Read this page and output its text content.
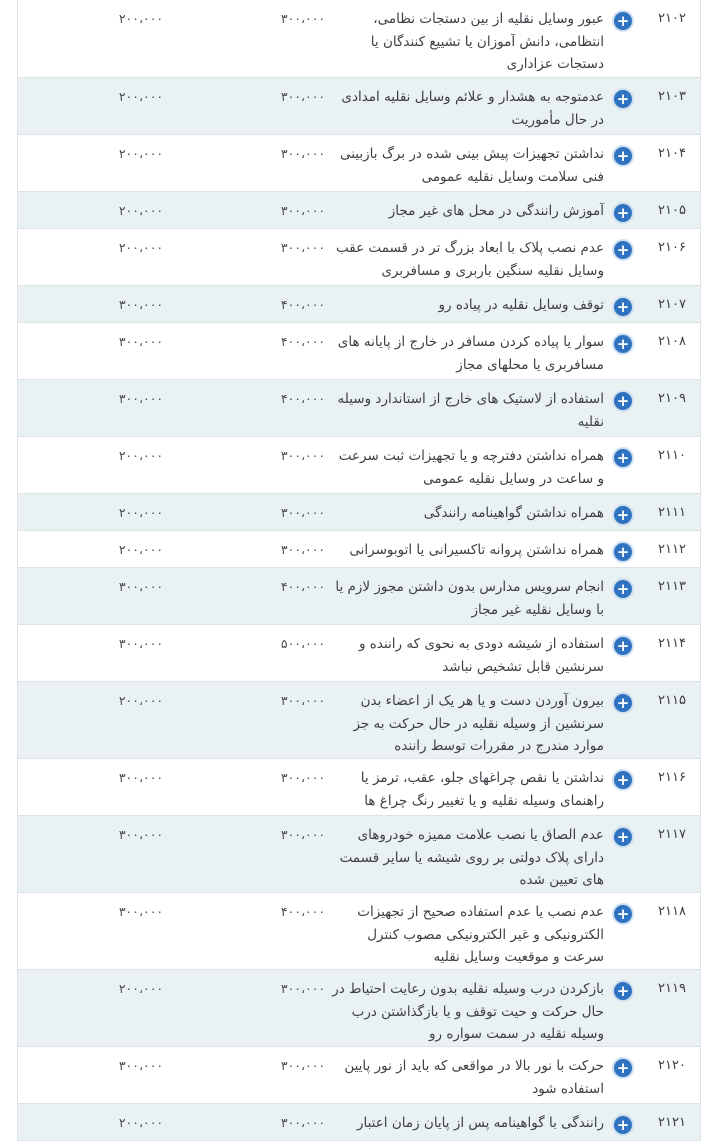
۲۱۰۲
+
عبور وسایل نقلیه از بین دستجات نظامی، انتظامی، دانش آموزان یا تشییع کنندگان یا دستجات عزاداری
۳۰۰،۰۰۰
۲۰۰،۰۰۰
۲۱۰۳
+
عدمتوجه به هشدار و علائم وسایل نقلیه امدادی در حال مأموریت
۳۰۰،۰۰۰
۲۰۰،۰۰۰
۲۱۰۴
+
نداشتن تجهیزات پیش بینی شده در برگ بازبینی فنی سلامت وسایل نقلیه عمومی
۳۰۰،۰۰۰
۲۰۰،۰۰۰
۲۱۰۵
+
آموزش رانندگی در محل های غیر مجاز
۳۰۰،۰۰۰
۲۰۰،۰۰۰
۲۱۰۶
+
عدم نصب پلاک با ابعاد بزرگ تر در قسمت عقب وسایل نقلیه سنگین باربری و مسافربری
۳۰۰،۰۰۰
۲۰۰،۰۰۰
۲۱۰۷
+
توقف وسایل نقلیه در پیاده رو
۴۰۰،۰۰۰
۳۰۰،۰۰۰
۲۱۰۸
+
سوار یا پیاده کردن مسافر در خارج از پایانه های مسافربری یا محلهای مجاز
۴۰۰،۰۰۰
۳۰۰،۰۰۰
۲۱۰۹
+
استفاده از لاستیک های خارج از استاندارد وسیله نقلیه
۴۰۰،۰۰۰
۳۰۰،۰۰۰
۲۱۱۰
+
همراه نداشتن دفترچه و یا تجهیزات ثبت سرعت و ساعت در وسایل نقلیه عمومی
۳۰۰،۰۰۰
۲۰۰،۰۰۰
۲۱۱۱
+
همراه نداشتن گواهینامه رانندگی
۳۰۰،۰۰۰
۲۰۰،۰۰۰
۲۱۱۲
+
همراه نداشتن پروانه تاکسیرانی یا اتوبوسرانی
۳۰۰،۰۰۰
۲۰۰،۰۰۰
۲۱۱۳
+
انجام سرویس مدارس بدون داشتن مجوز لازم یا با وسایل نقلیه غیر مجاز
۴۰۰،۰۰۰
۳۰۰،۰۰۰
۲۱۱۴
+
استفاده از شیشه دودی به نحوی که راننده و سرنشین قابل تشخیص نباشد
۵۰۰،۰۰۰
۳۰۰،۰۰۰
۲۱۱۵
+
بیرون آوردن دست و یا هر یک از اعضاء بدن سرنشین از وسیله نقلیه در حال حرکت به جز موارد مندرج در مقررات توسط راننده
۳۰۰،۰۰۰
۲۰۰،۰۰۰
۲۱۱۶
+
نداشتن یا نقص چراغهای جلو، عقب، ترمز یا راهنمای وسیله نقلیه و یا تغییر رنگ چراغ ها
۳۰۰،۰۰۰
۳۰۰،۰۰۰
۲۱۱۷
+
عدم الصاق یا نصب علامت ممیزه خودروهای دارای پلاک دولتی بر روی شیشه یا سایر قسمت های تعیین شده
۳۰۰،۰۰۰
۳۰۰،۰۰۰
۲۱۱۸
+
عدم نصب یا عدم استفاده صحیح از تجهیزات الکترونیکی و غیر الکترونیکی مصوب کنترل سرعت و موقعیت وسایل نقلیه
۴۰۰،۰۰۰
۳۰۰،۰۰۰
۲۱۱۹
+
بازکردن درب وسیله نقلیه بدون رعایت احتیاط در حال حرکت و حیت توقف و یا بازگذاشتن درب وسیله نقلیه در سمت سواره رو
۳۰۰،۰۰۰
۲۰۰،۰۰۰
۲۱۲۰
+
حرکت با نور بالا در مواقعی که باید از نور پایین استفاده شود
۳۰۰،۰۰۰
۳۰۰،۰۰۰
۲۱۲۱
+
رانندگی با گواهینامه پس از پایان زمان اعتبار
۳۰۰،۰۰۰
۲۰۰،۰۰۰
